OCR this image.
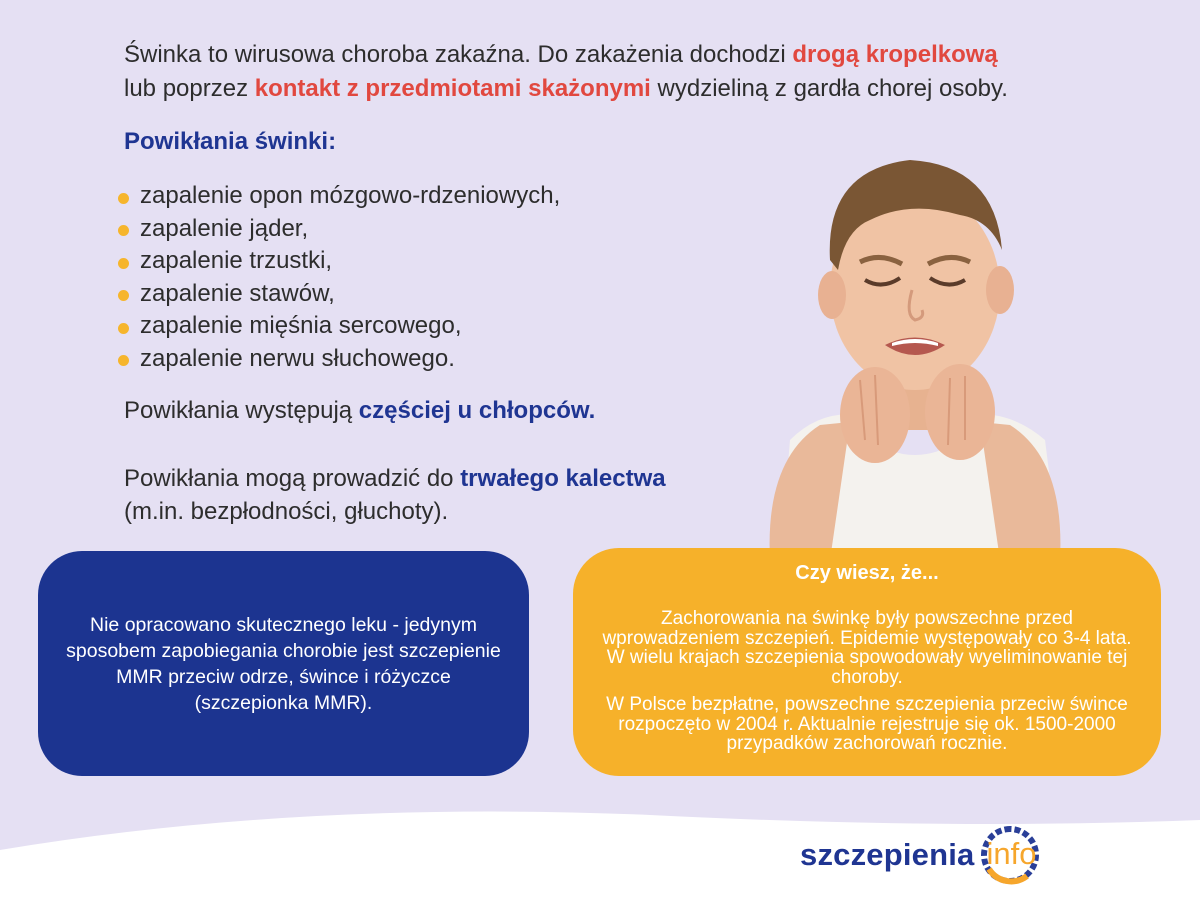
Świnka to wirusowa choroba zakaźna. Do zakażenia dochodzi drogą kropelkową
lub poprzez kontakt z przedmiotami skażonymi wydzieliną z gardła chorej osoby.
Powikłania świnki:
zapalenie opon mózgowo-rdzeniowych,
zapalenie jąder,
zapalenie trzustki,
zapalenie stawów,
zapalenie mięśnia sercowego,
zapalenie nerwu słuchowego.
Powikłania występują częściej u chłopców.
Powikłania mogą prowadzić do trwałego kalectwa
(m.in. bezpłodności, głuchoty).
Nie opracowano skutecznego leku - jedynym sposobem zapobiegania chorobie jest szczepienie MMR przeciw odrze, śwince i różyczce (szczepionka MMR).
Czy wiesz, że...

Zachorowania na świnkę były powszechne przed wprowadzeniem szczepień. Epidemie występowały co 3-4 lata. W wielu krajach szczepienia spowodowały wyeliminowanie tej choroby.

W Polsce bezpłatne, powszechne szczepienia przeciw śwince rozpoczęto w 2004 r. Aktualnie rejestruje się ok. 1500-2000 przypadków zachorowań rocznie.

szczepienia info
